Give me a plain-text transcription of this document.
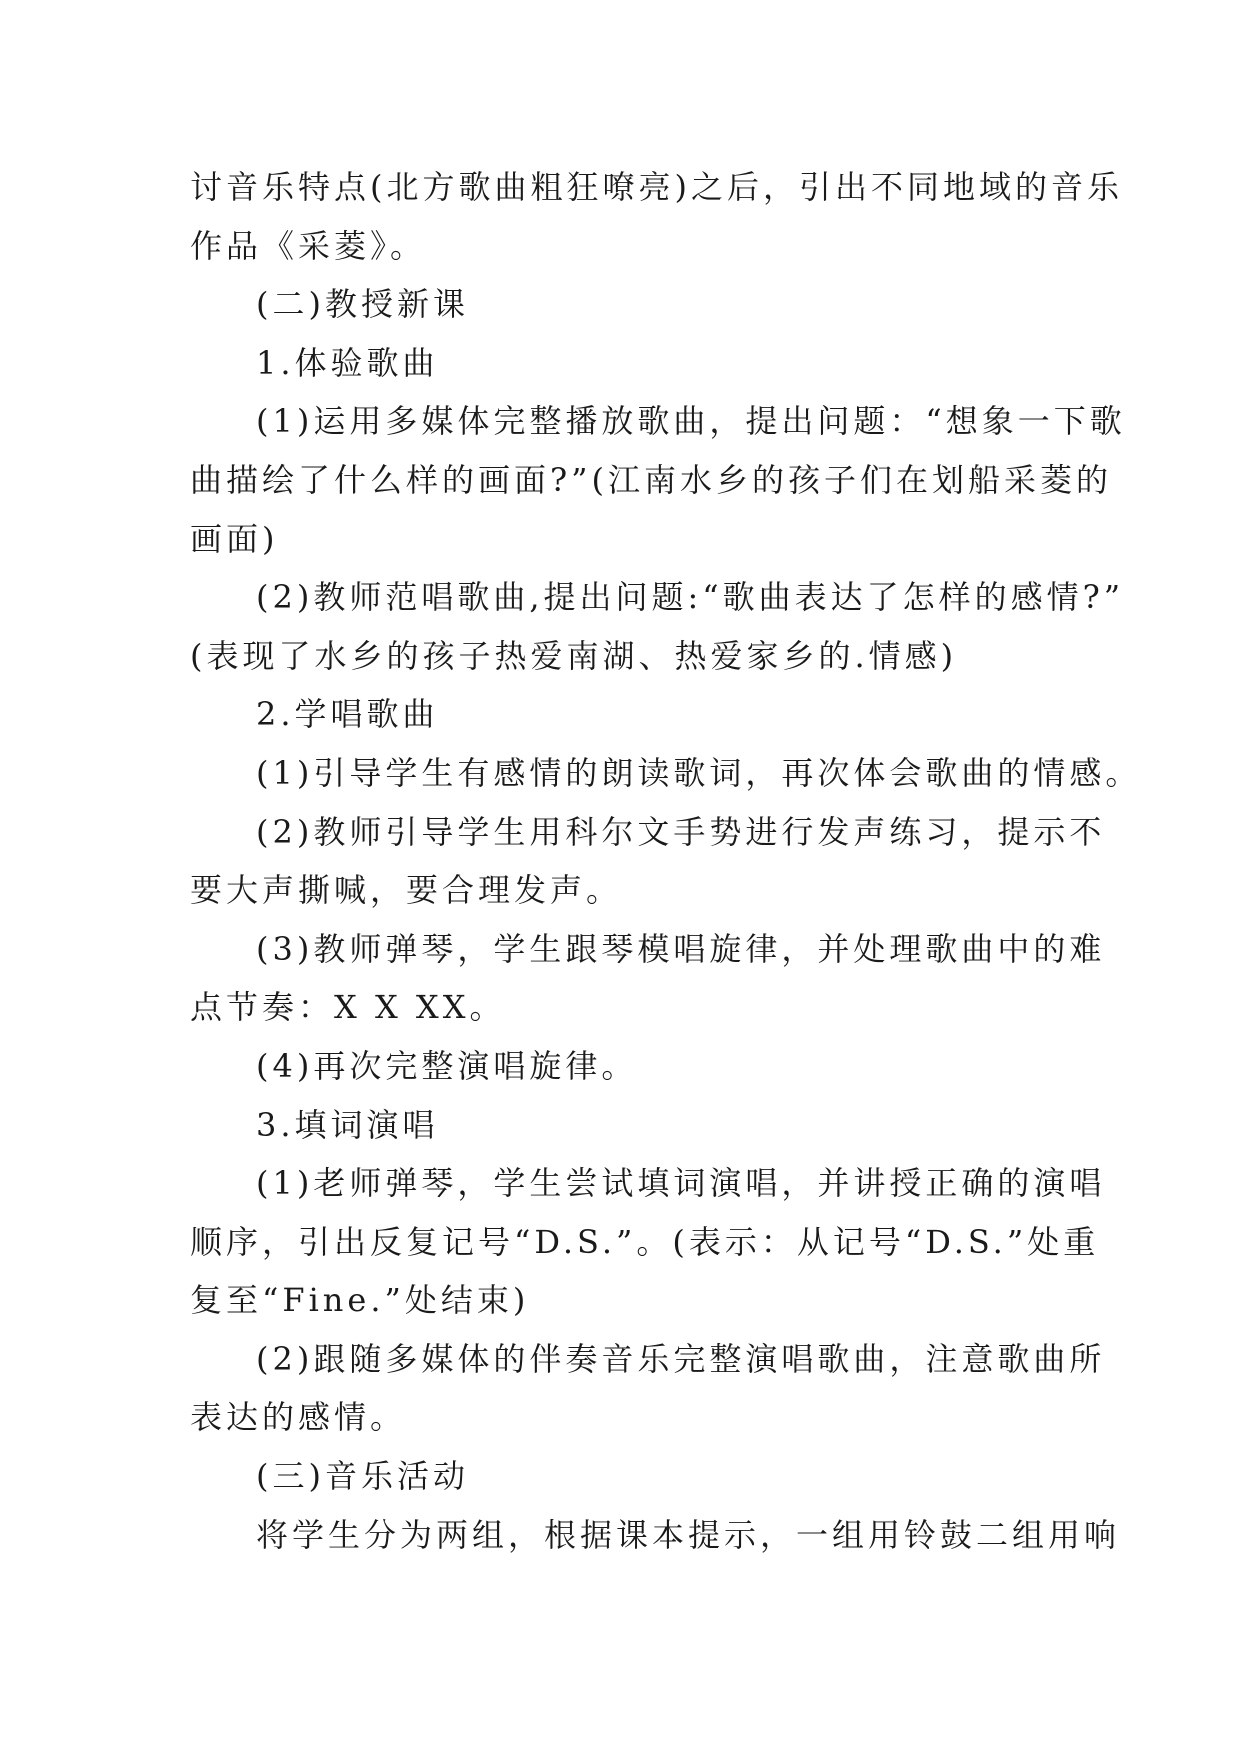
讨音乐特点(北方歌曲粗狂嘹亮)之后，引出不同地域的音乐
作品《采菱》。
(二)教授新课
1.体验歌曲
(1)运用多媒体完整播放歌曲，提出问题：“想象一下歌
曲描绘了什么样的画面?”(江南水乡的孩子们在划船采菱的
画面)
(2)教师范唱歌曲,提出问题:“歌曲表达了怎样的感情?”
(表现了水乡的孩子热爱南湖、热爱家乡的.情感)
2.学唱歌曲
(1)引导学生有感情的朗读歌词，再次体会歌曲的情感。
(2)教师引导学生用科尔文手势进行发声练习，提示不
要大声撕喊，要合理发声。
(3)教师弹琴，学生跟琴模唱旋律，并处理歌曲中的难
点节奏：X X XX。
(4)再次完整演唱旋律。
3.填词演唱
(1)老师弹琴，学生尝试填词演唱，并讲授正确的演唱
顺序，引出反复记号“D.S.”。(表示：从记号“D.S.”处重
复至“Fine.”处结束)
(2)跟随多媒体的伴奏音乐完整演唱歌曲，注意歌曲所
表达的感情。
(三)音乐活动
将学生分为两组，根据课本提示，一组用铃鼓二组用响
